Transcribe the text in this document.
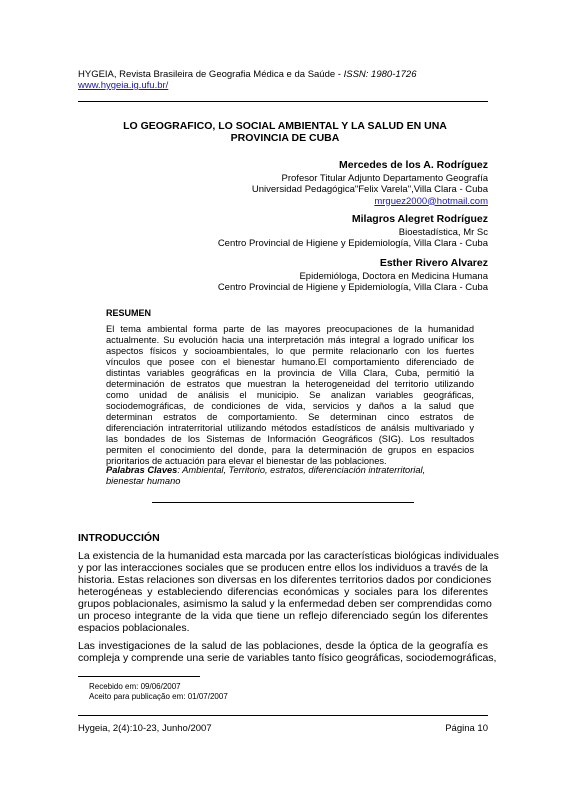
HYGEIA, Revista Brasileira de Geografia Médica e da Saúde - ISSN: 1980-1726
www.hygeia.ig.ufu.br/
LO GEOGRAFICO, LO SOCIAL AMBIENTAL Y LA SALUD EN UNA
PROVINCIA DE CUBA
Mercedes de los A. Rodríguez
Profesor Titular Adjunto Departamento Geografía
Universidad Pedagógica"Felix Varela",Villa Clara - Cuba
mrguez2000@hotmail.com
Milagros Alegret Rodríguez
Bioestadística, Mr Sc
Centro Provincial de Higiene y Epidemiología, Villa Clara - Cuba
Esther Rivero Alvarez
Epidemióloga, Doctora en Medicina Humana
Centro Provincial de Higiene y Epidemiología, Villa Clara - Cuba
RESUMEN
El tema ambiental forma parte de las mayores preocupaciones de la humanidad
actualmente. Su evolución hacia una interpretación más integral a logrado unificar los
aspectos físicos y socioambientales, lo que permite relacionarlo con los fuertes
vínculos que posee con el bienestar humano.El comportamiento diferenciado de
distintas variables geográficas en la provincia de Villa Clara, Cuba, permitió la
determinación de estratos que muestran la heterogeneidad del territorio utilizando
como unidad de análisis el municipio. Se analizan variables geográficas,
sociodemográficas, de condiciones de vida, servicios y daños a la salud que
determinan estratos de comportamiento. Se determinan cinco estratos de
diferenciación intraterritorial utilizando métodos estadísticos de análsis multivariado y
las bondades de los Sistemas de Información Geográficos (SIG). Los resultados
permiten el conocimiento del donde, para la determinación de grupos en espacios
prioritarios de actuación para elevar el bienestar de las poblaciones.
Palabras Claves: Ambiental, Territorio, estratos, diferenciación intraterritorial,
bienestar humano
INTRODUCCIÓN
La existencia de la humanidad esta marcada por las características biológicas individuales
y por las interacciones sociales que se producen entre ellos los individuos a través de la
historia. Estas relaciones son diversas en los diferentes territorios dados por condiciones
heterogéneas y estableciendo diferencias económicas y sociales para los diferentes
grupos poblacionales, asimismo la salud y la enfermedad deben ser comprendidas como
un proceso integrante de la vida que tiene un reflejo diferenciado según los diferentes
espacios poblacionales.
Las investigaciones de la salud de las poblaciones, desde la óptica de la geografía es
compleja y comprende una serie de variables tanto físico geográficas, sociodemográficas,
Recebido em: 09/06/2007
Aceito para publicação em: 01/07/2007
Hygeia, 2(4):10-23, Junho/2007	Página 10
